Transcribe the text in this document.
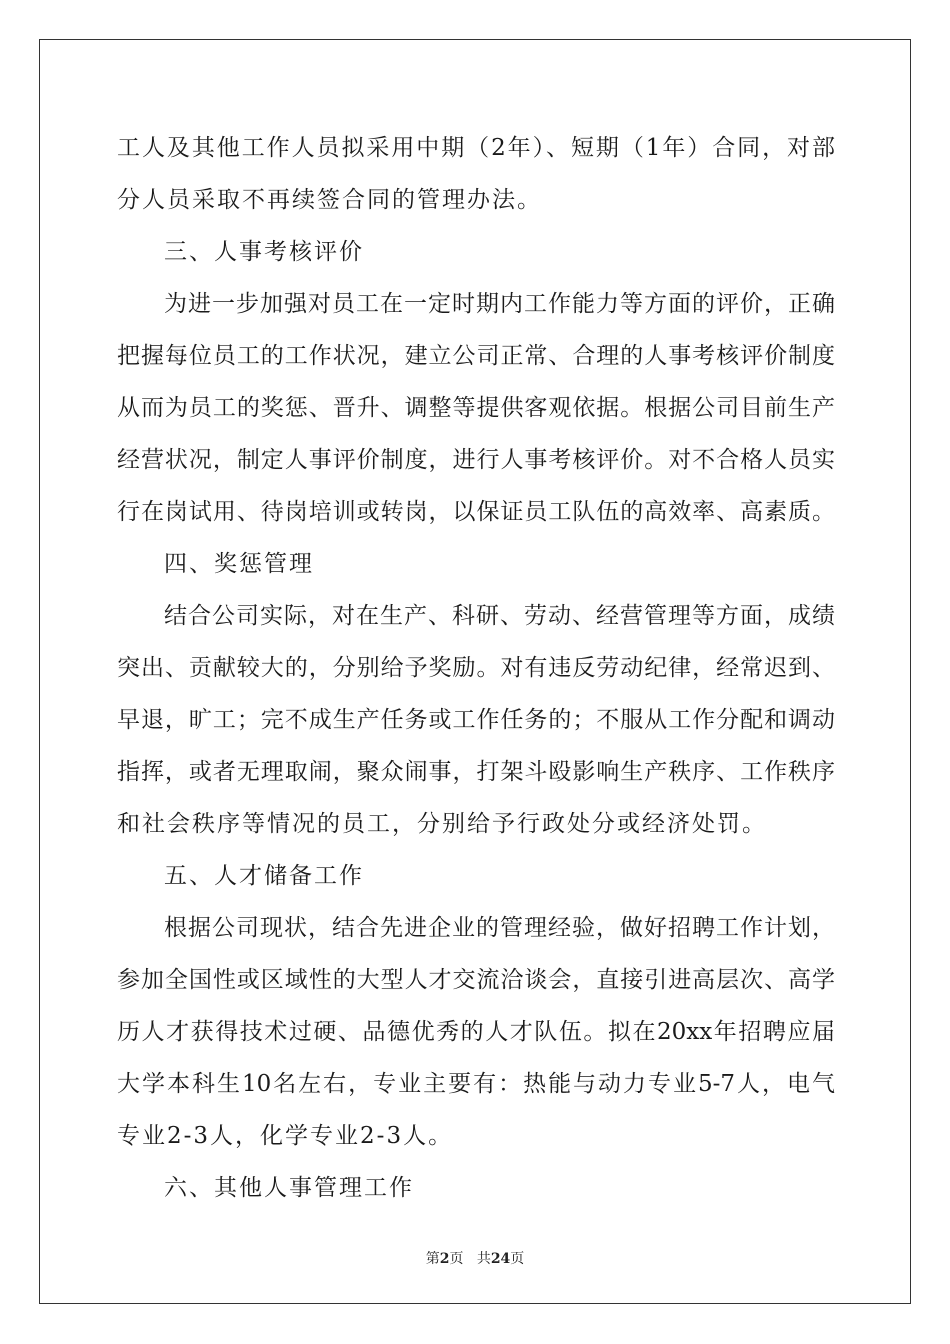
工人及其他工作人员拟采用中期（2年）、短期（1年）合同，对部
分人员采取不再续签合同的管理办法。
三、人事考核评价
为进一步加强对员工在一定时期内工作能力等方面的评价，正确
把握每位员工的工作状况，建立公司正常、合理的人事考核评价制度
从而为员工的奖惩、晋升、调整等提供客观依据。根据公司目前生产
经营状况，制定人事评价制度，进行人事考核评价。对不合格人员实
行在岗试用、待岗培训或转岗，以保证员工队伍的高效率、高素质。
四、奖惩管理
结合公司实际，对在生产、科研、劳动、经营管理等方面，成绩
突出、贡献较大的，分别给予奖励。对有违反劳动纪律，经常迟到、
早退，旷工；完不成生产任务或工作任务的；不服从工作分配和调动
指挥，或者无理取闹，聚众闹事，打架斗殴影响生产秩序、工作秩序
和社会秩序等情况的员工，分别给予行政处分或经济处罚。
五、人才储备工作
根据公司现状，结合先进企业的管理经验，做好招聘工作计划，
参加全国性或区域性的大型人才交流洽谈会，直接引进高层次、高学
历人才获得技术过硬、品德优秀的人才队伍。拟在20xx年招聘应届
大学本科生10名左右，专业主要有：热能与动力专业5-7人，电气
专业2-3人，化学专业2-3人。
六、其他人事管理工作
第2页 共24页
